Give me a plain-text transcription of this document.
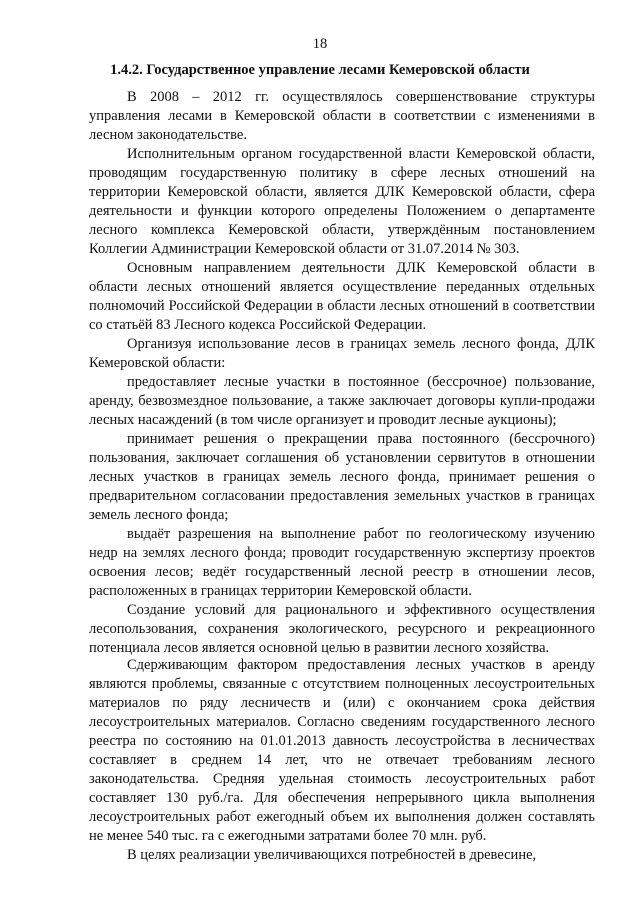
18
1.4.2. Государственное управление лесами Кемеровской области

В 2008 – 2012 гг. осуществлялось совершенствование структуры управления лесами в Кемеровской области в соответствии с изменениями в лесном законодательстве.

Исполнительным органом государственной власти Кемеровской области, проводящим государственную политику в сфере лесных отношений на территории Кемеровской области, является ДЛК Кемеровской области, сфера деятельности и функции которого определены Положением о департаменте лесного комплекса Кемеровской области, утверждённым постановлением Коллегии Администрации Кемеровской области от 31.07.2014 № 303.

Основным направлением деятельности ДЛК Кемеровской области в области лесных отношений является осуществление переданных отдельных полномочий Российской Федерации в области лесных отношений в соответствии со статьёй 83 Лесного кодекса Российской Федерации.

Организуя использование лесов в границах земель лесного фонда, ДЛК Кемеровской области:

предоставляет лесные участки в постоянное (бессрочное) пользование, аренду, безвозмездное пользование, а также заключает договоры купли-продажи лесных насаждений (в том числе организует и проводит лесные аукционы);

принимает решения о прекращении права постоянного (бессрочного) пользования, заключает соглашения об установлении сервитутов в отношении лесных участков в границах земель лесного фонда, принимает решения о предварительном согласовании предоставления земельных участков в границах земель лесного фонда;

выдаёт разрешения на выполнение работ по геологическому изучению недр на землях лесного фонда; проводит государственную экспертизу проектов освоения лесов; ведёт государственный лесной реестр в отношении лесов, расположенных в границах территории Кемеровской области.

Создание условий для рационального и эффективного осуществления лесопользования, сохранения экологического, ресурсного и рекреационного потенциала лесов является основной целью в развитии лесного хозяйства.

Сдерживающим фактором предоставления лесных участков в аренду являются проблемы, связанные с отсутствием полноценных лесоустроительных материалов по ряду лесничеств и (или) с окончанием срока действия лесоустроительных материалов. Согласно сведениям государственного лесного реестра по состоянию на 01.01.2013 давность лесоустройства в лесничествах составляет в среднем 14 лет, что не отвечает требованиям лесного законодательства. Средняя удельная стоимость лесоустроительных работ составляет 130 руб./га. Для обеспечения непрерывного цикла выполнения лесоустроительных работ ежегодный объем их выполнения должен составлять не менее 540 тыс. га с ежегодными затратами более 70 млн. руб.

В целях реализации увеличивающихся потребностей в древесине,
